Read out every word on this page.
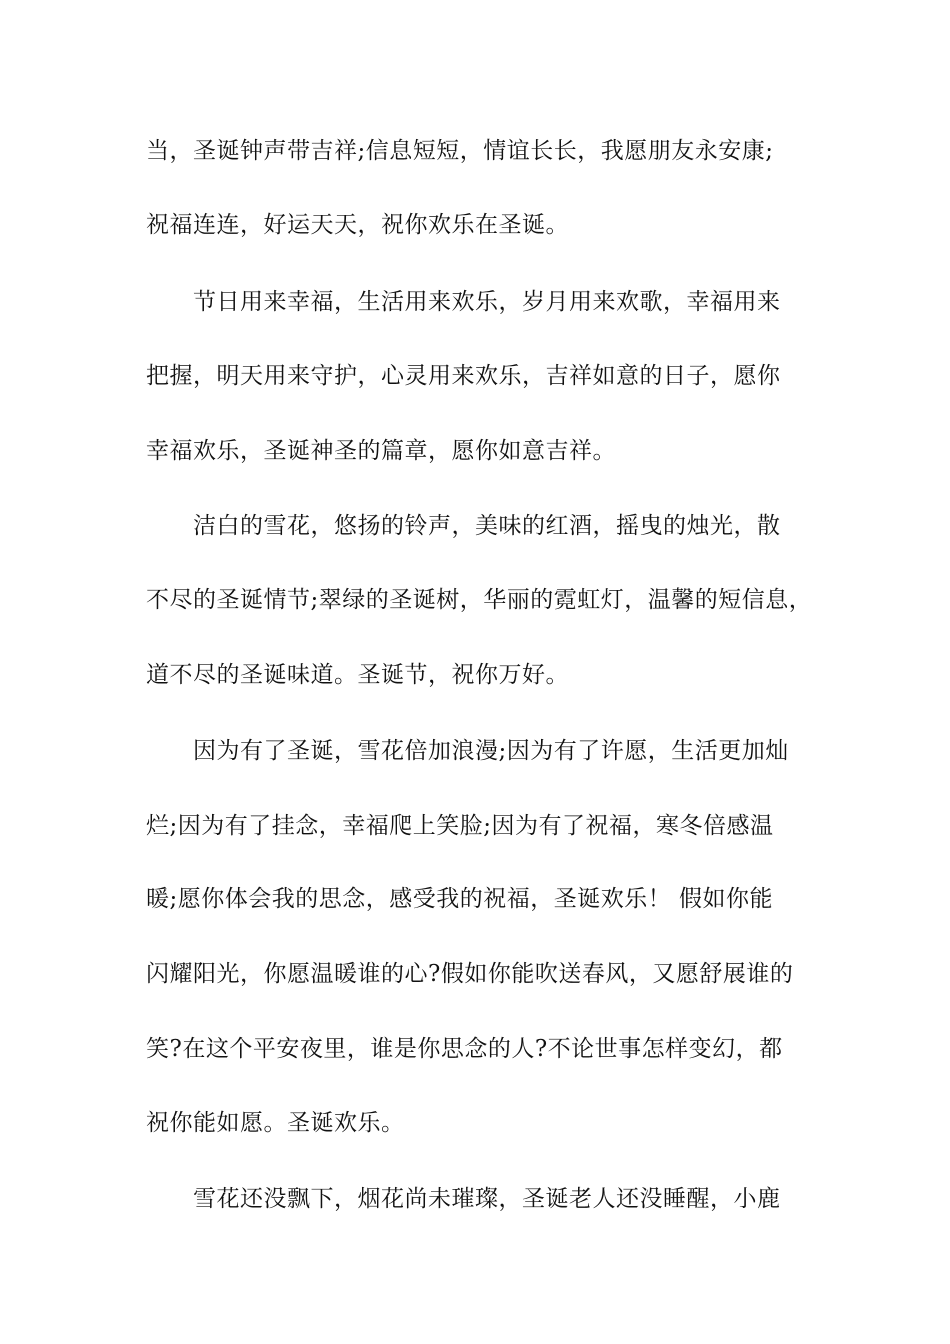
当，圣诞钟声带吉祥;信息短短，情谊长长，我愿朋友永安康;
祝福连连，好运天天，祝你欢乐在圣诞。
节日用来幸福，生活用来欢乐，岁月用来欢歌，幸福用来
把握，明天用来守护，心灵用来欢乐，吉祥如意的日子，愿你
幸福欢乐，圣诞神圣的篇章，愿你如意吉祥。
洁白的雪花，悠扬的铃声，美味的红酒，摇曳的烛光，散
不尽的圣诞情节;翠绿的圣诞树，华丽的霓虹灯，温馨的短信息，
道不尽的圣诞味道。圣诞节，祝你万好。
因为有了圣诞，雪花倍加浪漫;因为有了许愿，生活更加灿
烂;因为有了挂念，幸福爬上笑脸;因为有了祝福，寒冬倍感温
暖;愿你体会我的思念，感受我的祝福，圣诞欢乐！ 假如你能
闪耀阳光，你愿温暖谁的心?假如你能吹送春风，又愿舒展谁的
笑?在这个平安夜里，谁是你思念的人?不论世事怎样变幻，都
祝你能如愿。圣诞欢乐。
雪花还没飘下，烟花尚未璀璨，圣诞老人还没睡醒，小鹿
